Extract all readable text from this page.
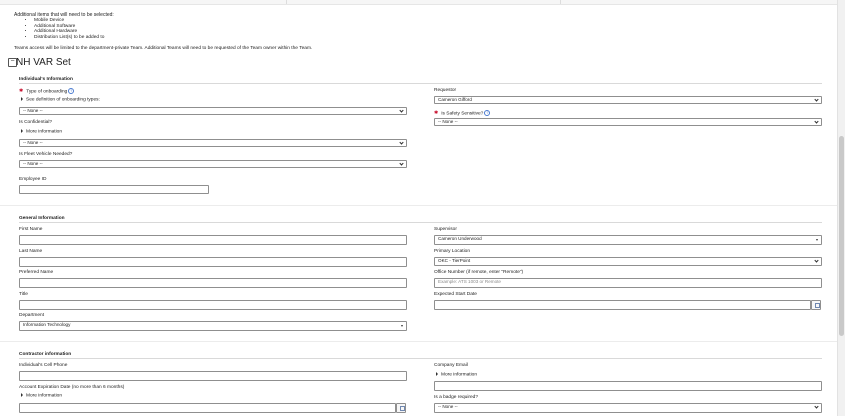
Additional items that will need to be selected:

• Mobile Device
• Additional Software
• Additional Hardware
• Distribution List(s) to be added to
Teams access will be limited to the department-private Team. Additional Teams will need to be requested of the Team owner within the Team.
− NH VAR Set
Individual's Information
✱ Type of onboarding ?
See definition of onboarding types:
-- None --
Is Confidential?
More information
-- None --
Is Fleet Vehicle Needed?
-- None --
Employee ID
Requestor
Cameron Gifford
✱ Is Safety Sensitive? ?
-- None --
General Information
First Name
Last Name
Preferred Name
Title
Department
Information Technology
Supervisor
Cameron Underwood
Primary Location
OKC - TierPoint
Office Number (if remote, enter "Remote")
Example: ATS 1003 or Remote
Expected Start Date
Contractor information
Individual's Cell Phone
Account Expiration Date (no more than 6 months)
More information
Company Email
More information
Is a badge required?
-- None --
